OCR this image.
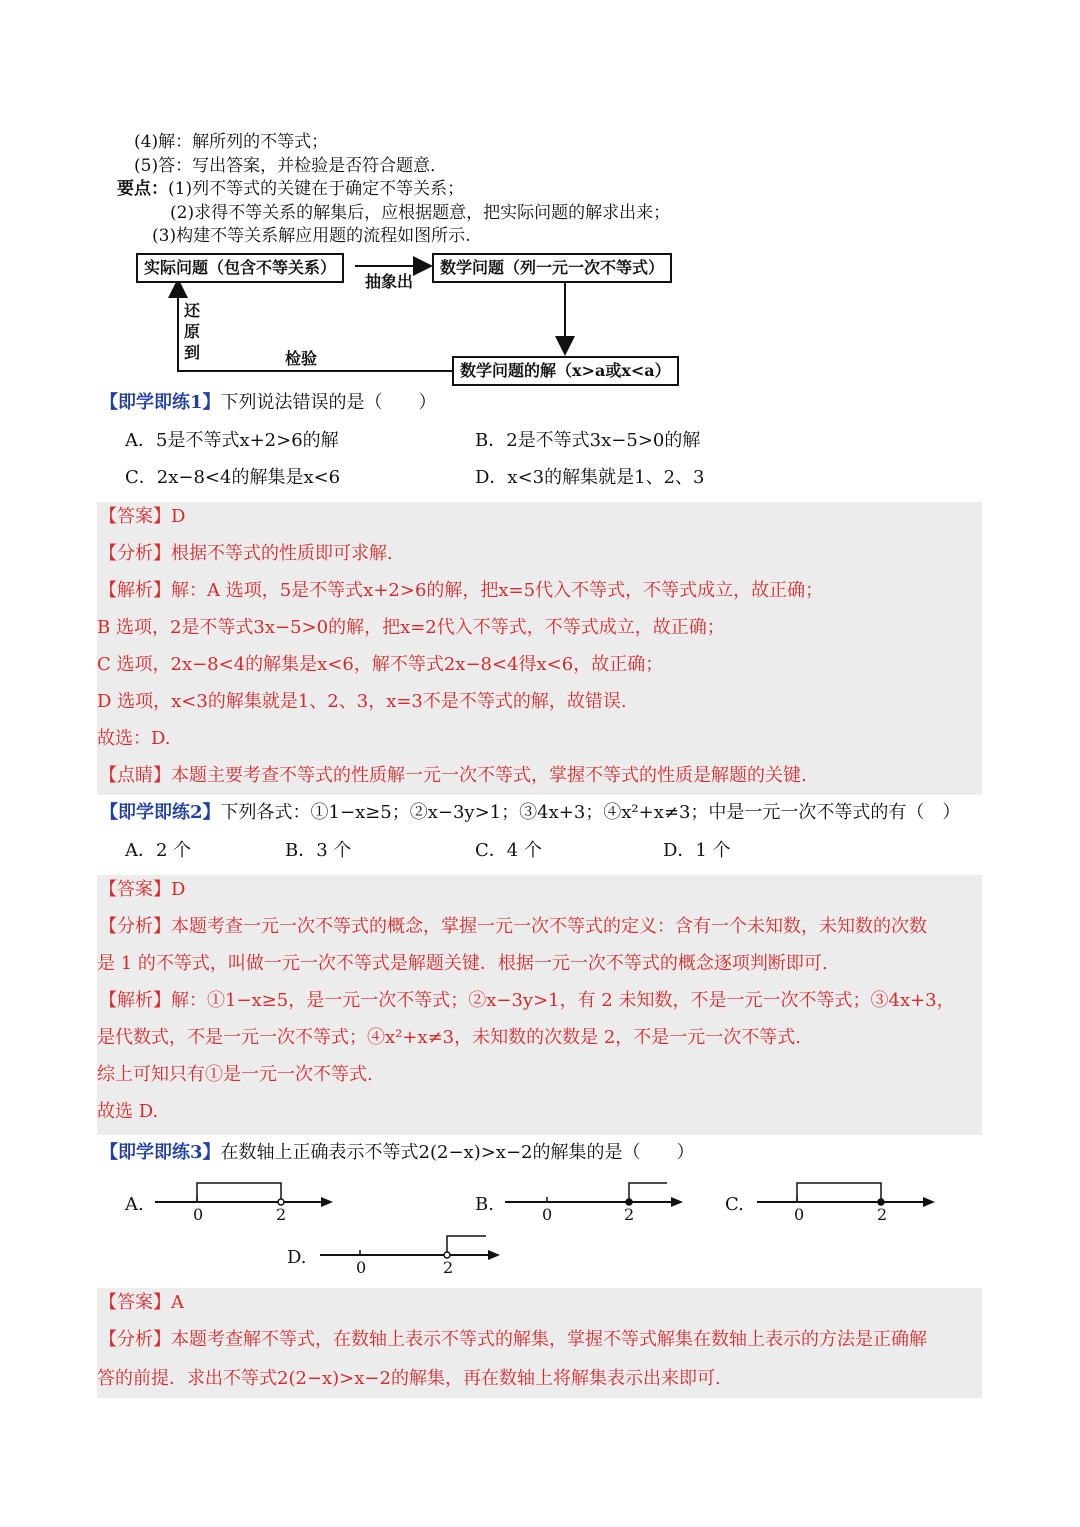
(4)解：解所列的不等式；
(5)答：写出答案，并检验是否符合题意．
要点：(1)列不等式的关键在于确定不等关系；
(2)求得不等关系的解集后，应根据题意，把实际问题的解求出来；
(3)构建不等关系解应用题的流程如图所示.
实际问题（包含不等关系）	数学问题（列一元一次不等式）
数学问题的解（x>a或x<a）
抽象出
还
原
到	检验
【即学即练1】下列说法错误的是（　　）
A．5是不等式x+2>6的解	B．2是不等式3x−5>0的解
C．2x−8<4的解集是x<6	D．x<3的解集就是1、2、3
【答案】D
【分析】根据不等式的性质即可求解.
【解析】解：A 选项，5是不等式x+2>6的解，把x=5代入不等式，不等式成立，故正确；
B 选项，2是不等式3x−5>0的解，把x=2代入不等式，不等式成立，故正确；
C 选项，2x−8<4的解集是x<6，解不等式2x−8<4得x<6，故正确；
D 选项，x<3的解集就是1、2、3，x=3不是不等式的解，故错误.
故选：D.
【点睛】本题主要考查不等式的性质解一元一次不等式，掌握不等式的性质是解题的关键.
【即学即练2】下列各式：①1−x≥5；②x−3y>1；③4x+3；④x²+x≠3；中是一元一次不等式的有（　）
A．2 个	B．3 个	C．4 个	D．1 个
【答案】D
【分析】本题考查一元一次不等式的概念，掌握一元一次不等式的定义：含有一个未知数，未知数的次数
是 1 的不等式，叫做一元一次不等式是解题关键．根据一元一次不等式的概念逐项判断即可.
【解析】解：①1−x≥5，是一元一次不等式；②x−3y>1，有 2 未知数，不是一元一次不等式；③4x+3，
是代数式，不是一元一次不等式；④x²+x≠3，未知数的次数是 2，不是一元一次不等式.
综上可知只有①是一元一次不等式.
故选 D.
【即学即练3】在数轴上正确表示不等式2(2−x)>x−2的解集的是（　　）
A.	0	2	B.	0	2	C.	0	2
D.	0	2
【答案】A
【分析】本题考查解不等式，在数轴上表示不等式的解集，掌握不等式解集在数轴上表示的方法是正确解
答的前提．求出不等式2(2−x)>x−2的解集，再在数轴上将解集表示出来即可.
